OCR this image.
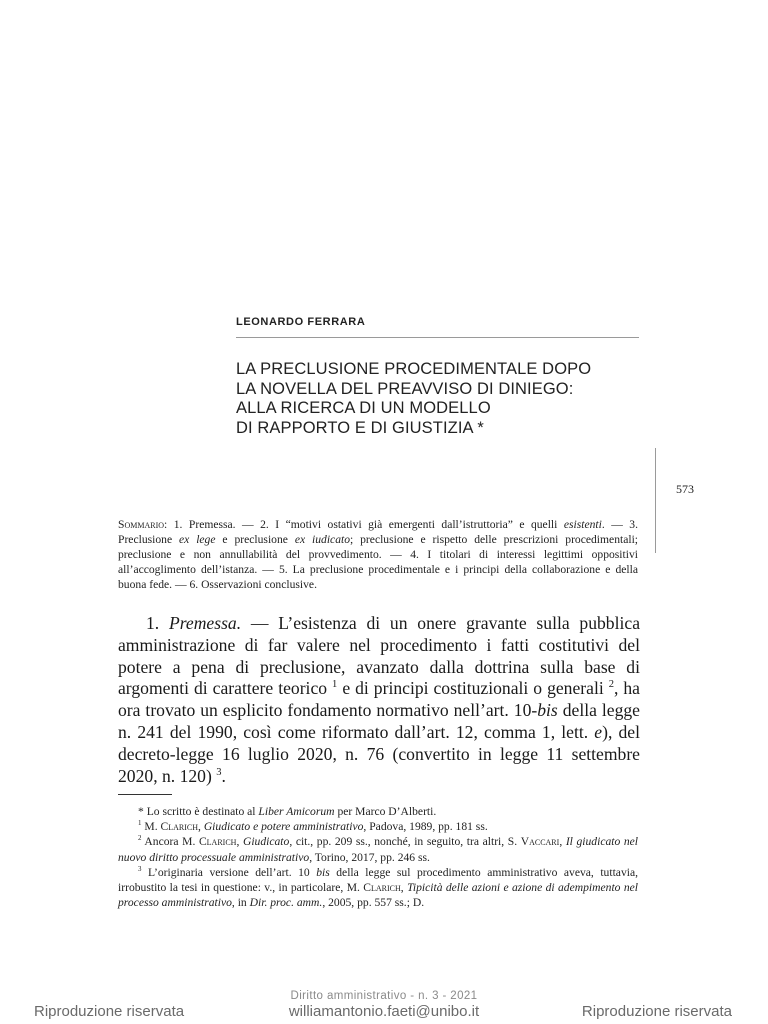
LEONARDO FERRARA
LA PRECLUSIONE PROCEDIMENTALE DOPO
LA NOVELLA DEL PREAVVISO DI DINIEGO:
ALLA RICERCA DI UN MODELLO
DI RAPPORTO E DI GIUSTIZIA *
573
Sommario: 1. Premessa. — 2. I “motivi ostativi già emergenti dall’istruttoria” e quelli esistenti. — 3. Preclusione ex lege e preclusione ex iudicato; preclusione e rispetto delle prescrizioni procedimentali; preclusione e non annullabilità del provvedimento. — 4. I titolari di interessi legittimi oppositivi all’accoglimento dell’istanza. — 5. La preclusione procedimentale e i principi della collaborazione e della buona fede. — 6. Osservazioni conclusive.
1. Premessa. — L’esistenza di un onere gravante sulla pubblica amministrazione di far valere nel procedimento i fatti costitutivi del potere a pena di preclusione, avanzato dalla dottrina sulla base di argomenti di carattere teorico $^1$ e di principi costituzionali o generali $^2$, ha ora trovato un esplicito fondamento normativo nell’art. 10-bis della legge n. 241 del 1990, così come riformato dall’art. 12, comma 1, lett. e), del decreto-legge 16 luglio 2020, n. 76 (convertito in legge 11 settembre 2020, n. 120) $^3$.

* Lo scritto è destinato al Liber Amicorum per Marco D’Alberti.

$^1$ M. Clarich, Giudicato e potere amministrativo, Padova, 1989, pp. 181 ss.

$^2$ Ancora M. Clarich, Giudicato, cit., pp. 209 ss., nonché, in seguito, tra altri, S. Vaccari, Il giudicato nel nuovo diritto processuale amministrativo, Torino, 2017, pp. 246 ss.

$^3$ L’originaria versione dell’art. 10 bis della legge sul procedimento amministrativo aveva, tuttavia, irrobustito la tesi in questione: v., in particolare, M. Clarich, Tipicità delle azioni e azione di adempimento nel processo amministrativo, in Dir. proc. amm., 2005, pp. 557 ss.; D.

Diritto amministrativo - n. 3 - 2021
Riproduzione riservata	williamantonio.faeti@unibo.it	Riproduzione riservata
